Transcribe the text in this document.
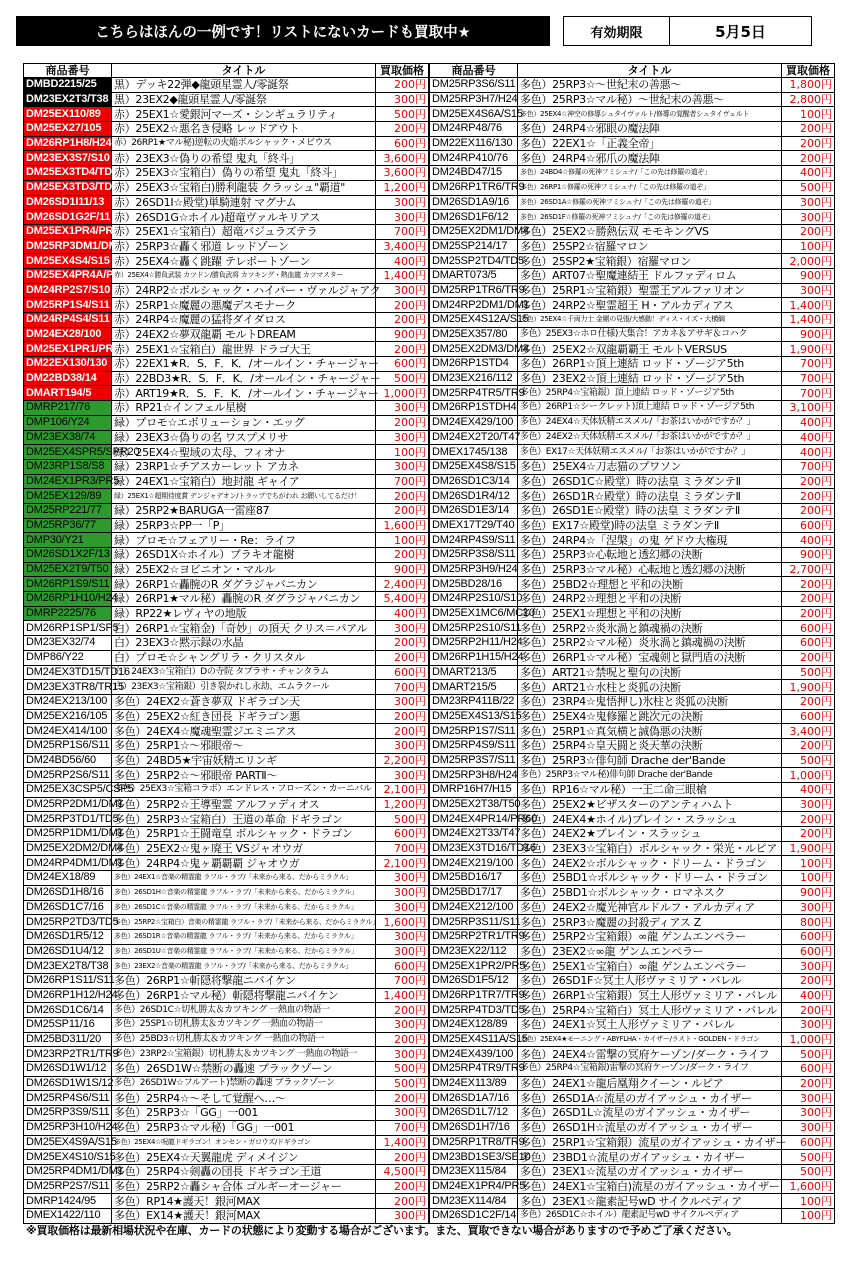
こちらはほんの一例です！リストにないカードも買取中★	有効期限	5月5日
商品番号	タイトル	買取価格
DMBD2215/25	黒）デッキ22弾◆龍頭星霊人/零誕祭	200円
DM23EX2T3/T38	黒）23EX2◆龍頭星霊人/零誕祭	300円
DM25EX110/89	赤）25EX1☆愛銀河マーズ・シンギュラリティ	500円
DM25EX27/105	赤）25EX2☆悪名き侵略 レッドアウト	200円
DM26RP1H8/H24	赤）26RP1★マル秘)逆転の火焔ボルシャック・メビウス	600円
DM23EX3S7/S10	赤）23EX3☆偽りの希望 鬼丸「終斗」	3,600円
DM25EX3TD4/TD23	赤）25EX3☆宝箱白）偽りの希望 鬼丸「終斗」	3,600円
DM25EX3TD3/TD23	赤）25EX3☆宝箱白)勝利龍装 クラッシュ"覇道"	1,200円
DM26SD1I11/13	赤）26SD1I☆殿堂)単騎連射 マグナム	300円
DM26SD1G2F/11	赤）26SD1G☆ホイル)超竜ヴァルキリアス	300円
DM25EX1PR4/PR5	赤）25EX1☆宝箱白）超竜バジュラズテラ	700円
DM25RP3DM1/DM1	赤）25RP3☆轟く邪道 レッドゾーン	3,400円
DM25EX4S4/S15	赤）25EX4☆轟く跳躍 テレポートゾーン	400円
DM25EX4PR4A/PR5	赤）25EX4☆勝負武装 カツドン/勝負武将 カツキング・熱血龍 カツマスター	1,400円
DM24RP2S7/S10	赤）24RP2☆ボルシャック・ハイパー・ヴァルジャアク	300円
DM25RP1S4/S11	赤）25RP1☆魔麗の悪魔デスモナーク	200円
DM24RP4S4/S11	赤）24RP4☆魔麗の猛将ダイダロス	200円
DM24EX28/100	赤）24EX2☆夢双龍覇 モルトDREAM	900円
DM25EX1PR1/PR5	赤）25EX1☆宝箱白）龍世界 ドラゴ大王	200円
DM22EX130/130	赤）22EX1★R．S．F．K．/オールイン・チャージャー	600円
DM22BD38/14	赤）22BD3★R．S．F．K．/オールイン・チャージャー	500円
DMART194/5	赤）ART19★R．S．F．K．/オールイン・チャージャー	1,000円
DMRP217/76	赤）RP21☆インフェル星樹	300円
DMP106/Y24	緑）プロモ☆エボリューション・エッグ	200円
DM23EX38/74	緑）23EX3☆偽りの名 ワスプメリサ	300円
DM25EX4SPR5/SPR20	緑）25EX4☆聖域の太母、フィオナ	100円
DM23RP1S8/S8	緑）23RP1☆チアスカーレット アカネ	300円
DM24EX1PR3/PR5	緑）24EX1☆宝箱白）地封龍 ギャイア	700円
DM25EX129/89	緑）25EX1☆超期待度賞 デンジャデオン/トラップでちがわれ お願いしてるだけ！	200円
DM25RP221/77	緑）25RP2★BARUGA一雷座87	200円
DM25RP36/77	緑）25RP3☆PP一「P」	1,600円
DMP30/Y21	緑）プロモ☆フェアリー・Re：ライフ	100円
DM26SD1X2F/13	緑）26SD1X☆ホイル）ブラキオ龍樹	200円
DM25EX2T9/T50	緑）25EX2☆ヨビニオン・マルル	900円
DM26RP1S9/S11	緑）26RP1☆轟腕のR ダグラジャバニカン	2,400円
DM26RP1H10/H24	緑）26RP1★マル秘）轟腕のR ダグラジャバニカン	5,400円
DMRP2225/76	緑）RP22★レヴィヤの地版	400円
DM26RP1SP1/SP5	白）26RP1☆宝箱金)「奇妙」の頂天 クリス＝パアル	300円
DM23EX32/74	白）23EX3☆黙示録の水晶	200円
DMP86/Y22	白）プロモ☆シャングリラ・クリスタル	200円
DM24EX3TD15/TD16	白）24EX3☆宝箱白）Dの寺院 タブラサ・チャンタラム	600円
DM23EX3TR8/TR15	白）23EX3☆宝箱銀）引き裂かれし永劫、エムラクール	700円
DM24EX213/100	多色）24EX2☆蒼き夢双 ドギラゴン天	300円
DM25EX216/105	多色）25EX2☆紅き団長 ドギラゴン悪	200円
DM24EX414/100	多色）24EX4☆魔魂聖霊ジエミニアス	200円
DM25RP1S6/S11	多色）25RP1☆～邪眼帝～	300円
DM24BD56/60	多色）24BD5★宇宙妖精エリンギ	2,200円
DM25RP2S6/S11	多色）25RP2☆～邪眼帝 PARTⅡ～	300円
DM25EX3CSP5/CSP5	多色）25EX3☆宝箱コラボ）エンドレス・フローズン・カーニバル	2,100円
DM25RP2DM1/DM1	多色）25RP2☆王導聖霊 アルファディオス	1,200円
DM25RP3TD1/TD5	多色）25RP3☆宝箱白）王道の革命 ドギラゴン	500円
DM25RP1DM1/DM1	多色）25RP1☆王闘竜皇 ボルシャック・ドラゴン	600円
DM25EX2DM2/DM4	多色）25EX2☆鬼ヶ廃王 VSジャオウガ	700円
DM24RP4DM1/DM1	多色）24RP4☆鬼ヶ覇覇覇 ジャオウガ	2,100円
DM24EX18/89	多色）24EX1☆音楽の精霊龍 ラフル・ラブ/「未来から来る、だからミラクル」	300円
DM26SD1H8/16	多色）26SD1H☆音楽の精霊龍 ラフル・ラブ/「未来から来る、だからミラクル」	300円
DM26SD1C7/16	多色）26SD1C☆音楽の精霊龍 ラフル・ラブ/「未来から来る、だからミラクル」	300円
DM25RP2TD3/TD5	多色）25RP2☆宝箱白）音楽の精霊龍 ラフル・ラブ/「未来から来る、だからミラクル」	1,600円
DM26SD1R5/12	多色）26SD1R☆音楽の精霊龍 ラフル・ラブ/「未来から来る、だからミラクル」	300円
DM26SD1U4/12	多色）26SD1U☆音楽の精霊龍 ラフル・ラブ/「未来から来る、だからミラクル」	300円
DM23EX2T8/T38	多色）23EX2☆音楽の精霊龍 ラフル・ラブ/「未来から来る、だからミラクル」	600円
DM26RP1S11/S11	多色）26RP1☆斬隠将撃龍ニバイケン	700円
DM26RP1H12/H24	多色）26RP1☆マル秘）斬隠将撃龍ニバイケン	1,400円
DM26SD1C6/14	多色）26SD1C☆切札勝太＆カツキング 一熱血の物語一	200円
DM25SP11/16	多色）25SP1☆切札勝太＆カツキング 一熱血の物語一	300円
DM25BD311/20	多色）25BD3☆切札勝太＆カツキング 一熱血の物語一	200円
DM23RP2TR1/TR9	多色）23RP2☆宝箱銀）切札勝太＆カツキング 一熱血の物語一	300円
DM26SD1W1/12	多色）26SD1W☆禁断の轟速 ブラックゾーン	500円
DM26SD1W1S/12	多色）26SD1W☆フルアート)禁断の轟速 ブラックゾーン	500円
DM25RP4S6/S11	多色）25RP4☆～そして覚醒へ…～	200円
DM25RP3S9/S11	多色）25RP3☆「GG」一001	300円
DM25RP3H10/H24	多色）25RP3☆マル秘)「GG」一001	700円
DM25EX4S9A/S15	多色）25EX4☆呪龍ドギラゴン！オンセン・ガロウズ/ドギラゴン	1,400円
DM25EX4S10/S15	多色）25EX4☆天翼龍虎 ディメイジン	200円
DM25RP4DM1/DM1	多色）25RP4☆剣轟の団長 ドギラゴン王道	4,500円
DM25RP2S7/S11	多色）25RP2☆轟シャ合体 ゴルギーオージャー	200円
DMRP1424/95	多色）RP14★護天！銀河MAX	200円
DMEX1422/110	多色）EX14★護天！銀河MAX	300円
商品番号	タイトル	買取価格
DM25RP3S6/S11	多色）25RP3☆～世紀末の善悪～	1,800円
DM25RP3H7/H24	多色）25RP3☆マル秘）～世紀末の善悪～	2,800円
DM25EX4S6A/S15	多色）25EX4☆神空の修導シュタイヴァルト/修導の覚醒者シュタイヴェルト	100円
DM24RP48/76	多色）24RP4☆邪眼の魔法陣	200円
DM22EX116/130	多色）22EX1☆「正義全帝」	200円
DM24RP410/76	多色）24RP4☆邪爪の魔法陣	200円
DM24BD47/15	多色）24BD4☆修羅の死神フミシュナ/「この先は修羅の道ぞ」	400円
DM26RP1TR6/TR9	多色）26RP1☆修羅の死神フミシュナ/「この先は修羅の道ぞ」	500円
DM26SD1A9/16	多色）26SD1A☆修羅の死神フミシュナ/「この先は修羅の道ぞ」	300円
DM26SD1F6/12	多色）26SD1F☆修羅の死神フミシュナ/「この先は修羅の道ぞ」	300円
DM25EX2DM1/DM4	多色）25EX2☆勝熱伝双 モモキングVS	200円
DM25SP214/17	多色）25SP2☆宿羅マロン	100円
DM25SP2TD4/TD5	多色）25SP2★宝箱銀）宿羅マロン	2,000円
DMART073/5	多色）ART07☆聖魔連結王 ドルファディロム	900円
DM25RP1TR6/TR9	多色）25RP1☆宝箱銀）聖霊王アルファリオン	300円
DM24RP2DM1/DM1	多色）24RP2☆聖霊超王 H・アルカディアス	1,400円
DM25EX4S12A/S15	多色）25EX4☆千両力士 金剛の見張/大感動！ディス・イズ・大横綱	1,400円
DM25EX357/80	多色）25EX3☆ホロ仕様)大集合！アカネ＆アサギ＆コハク	900円
DM25EX2DM3/DM4	多色）25EX2☆双龍覇覇王 モルトVERSUS	1,900円
DM26RP1STD4	多色）26RP1☆頂上連結 ロッド・ゾージア5th	700円
DM23EX216/112	多色）23EX2☆頂上連結 ロッド・ゾージア5th	700円
DM25RP4TR5/TR9	多色）25RP4☆宝箱銀）頂上連結 ロッド・ゾージア5th	700円
DM26RP1STDH4	多色）26RP1☆シークレット)頂上連結 ロッド・ゾージア5th	3,100円
DM24EX429/100	多色）24EX4☆天体妖精エスメル/「お茶はいかがですか？」	400円
DM24EX2T20/T47	多色）24EX2☆天体妖精エスメル/「お茶はいかがですか？」	400円
DMEX1745/138	多色）EX17☆天体妖精エスメル/「お茶はいかがですか？」	400円
DM25EX4S8/S15	多色）25EX4☆刀志猫のプワソン	700円
DM26SD1C3/14	多色）26SD1C☆殿堂）時の法皇 ミラダンテⅡ	200円
DM26SD1R4/12	多色）26SD1R☆殿堂）時の法皇 ミラダンテⅡ	200円
DM26SD1E3/14	多色）26SD1E☆殿堂）時の法皇 ミラダンテⅡ	200円
DMEX17T29/T40	多色）EX17☆殿堂)時の法皇 ミラダンテⅡ	600円
DM24RP4S9/S11	多色）24RP4☆「涅槃」の鬼 ゲドウ大権現	400円
DM25RP3S8/S11	多色）25RP3☆心転地と透幻郷の決断	900円
DM25RP3H9/H24	多色）25RP3☆マル秘）心転地と透幻郷の決断	2,700円
DM25BD28/16	多色）25BD2☆理想と平和の決断	200円
DM24RP2S10/S10	多色）24RP2☆理想と平和の決断	200円
DM25EX1MC6/MC10	多色）25EX1☆理想と平和の決断	200円
DM25RP2S10/S11	多色）25RP2☆炎氷渦と鎮魂禍の決断	600円
DM25RP2H11/H24	多色）25RP2☆マル秘）炎氷渦と鎮魂禍の決断	600円
DM26RP1H15/H24	多色）26RP1☆マル秘）宝魂剣と獄門盾の決断	200円
DMART213/5	多色）ART21☆禁呪と聖句の決断	500円
DMART215/5	多色）ART21☆水柱と炎狐の決断	1,900円
DM23RP411B/22	多色）23RP4☆鬼悟押し)氷柱と炎狐の決断	200円
DM25EX4S13/S15	多色）25EX4☆鬼修羅と跳次元の決断	600円
DM25RP1S7/S11	多色）25RP1☆真気横と誠偽悪の決断	3,400円
DM25RP4S9/S11	多色）25RP4☆皇天闘と炎天華の決断	200円
DM25RP3S7/S11	多色）25RP3☆俳句師 Drache der'Bande	500円
DM25RP3H8/H24	多色）25RP3☆マル秘)俳句師 Drache der'Bande	1,000円
DMRP16H7/H15	多色）RP16☆マル秘）一王二命三眼槍	400円
DM25EX2T38/T50	多色）25EX2★ビザスターのアンティハムト	300円
DM24EX4PR14/PR60	多色）24EX4★ホイル)ブレイン・スラッシュ	200円
DM24EX2T33/T47	多色）24EX2★ブレイン・スラッシュ	200円
DM23EX3TD16/TD16	多色）23EX3☆宝箱白）ボルシャック・栄光・ルピア	1,900円
DM24EX219/100	多色）24EX2☆ボルシャック・ドリーム・ドラゴン	100円
DM25BD16/17	多色）25BD1☆ボルシャック・ドリーム・ドラゴン	100円
DM25BD17/17	多色）25BD1☆ボルシャック・ロマネスク	900円
DM24EX212/100	多色）24EX2☆魔光神官ルドルフ・アルカディア	300円
DM25RP3S11/S11	多色）25RP3☆魔麗の封殺ディアス Z	800円
DM25RP2TR1/TR9	多色）25RP2☆宝箱銀）∞龍 ゲンムエンペラー	600円
DM23EX22/112	多色）23EX2☆∞龍 ゲンムエンペラー	600円
DM25EX1PR2/PR5	多色）25EX1☆宝箱白）∞龍 ゲンムエンペラー	300円
DM26SD1F5/12	多色）26SD1F☆冥土人形ヴァミリア・バレル	200円
DM26RP1TR7/TR9	多色）26RP1☆宝箱銀）冥土人形ヴァミリア・バレル	400円
DM25RP4TD3/TD5	多色）25RP4☆宝箱白）冥土人形ヴァミリア・バレル	200円
DM24EX128/89	多色）24EX1☆冥土人形ヴァミリア・バレル	300円
DM25EX4S11A/S15	多色）25EX4★モーニング・ABYFLHA・カイザー/ラスト・GOLDEN・ドラゴン	1,000円
DM24EX439/100	多色）24EX4☆雷撃の冥府ケーゾン/ダーク・ライフ	500円
DM25RP4TR9/TR9	多色）25RP4☆宝箱銀)雷撃の冥府ケーゾン/ダーク・ライフ	600円
DM24EX113/89	多色）24EX1☆龍后凰翔クイーン・ルピア	200円
DM26SD1A7/16	多色）26SD1A☆流星のガイアッシュ・カイザー	300円
DM26SD1L7/12	多色）26SD1L☆流星のガイアッシュ・カイザー	300円
DM26SD1H7/16	多色）26SD1H☆流星のガイアッシュ・カイザー	300円
DM25RP1TR8/TR9	多色）25RP1☆宝箱銀）流星のガイアッシュ・カイザー	600円
DM23BD1SE3/SE10	多色）23BD1☆流星のガイアッシュ・カイザー	500円
DM23EX115/84	多色）23EX1☆流星のガイアッシュ・カイザー	500円
DM24EX1PR4/PR5	多色）24EX1☆宝箱白)流星のガイアッシュ・カイザー	1,600円
DM23EX114/84	多色）23EX1☆龍素記号wD サイクルペディア	100円
DM26SD1C2F/14	多色）26SD1C☆ホイル）龍素記号wD サイクルペディア	100円
※買取価格は最新相場状況や在庫、カードの状態により変動する場合がございます。また、買取できない場合がありますので予めご了承ください。
